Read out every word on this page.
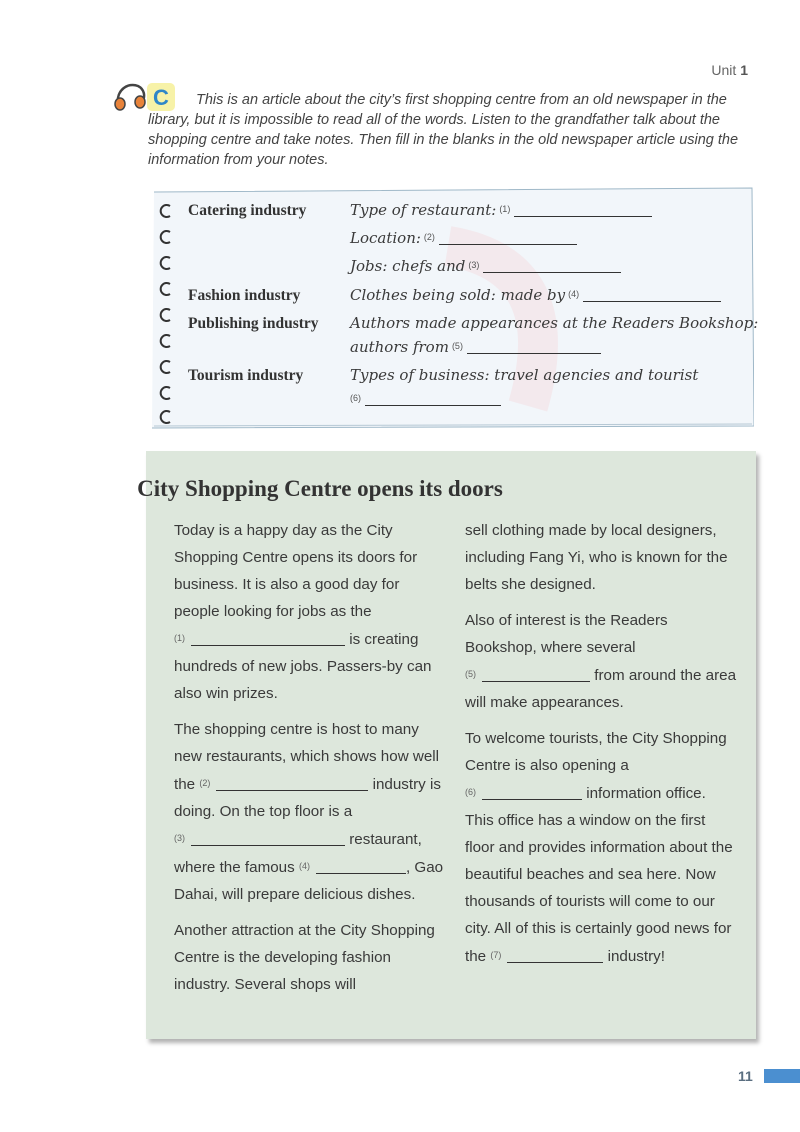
Unit 1
C	This is an article about the city’s first shopping centre from an old newspaper in the library, but it is impossible to read all of the words. Listen to the grandfather talk about the shopping centre and take notes. Then fill in the blanks in the old newspaper article using the information from your notes.
Catering industry	Type of restaurant: $^{(1)}$
Location: $^{(2)}$
Jobs: chefs and $^{(3)}$
Fashion industry	Clothes being sold: made by $^{(4)}$
Publishing industry Authors made appearances at the Readers Bookshop:
authors from $^{(5)}$
Tourism industry	Types of business: travel agencies and tourist
$^{(6)}$
City Shopping Centre opens its doors

Today is a happy day as the City Shopping Centre opens its doors for business. It is also a good day for people looking for jobs as the
(1)	is creating hundreds of new jobs. Passers-by can also win prizes.

The shopping centre is host to many new restaurants, which shows how well the (2)	industry is doing. On the top floor is a
(3)	restaurant, where the famous (4)	, Gao Dahai, will prepare delicious dishes.

Another attraction at the City Shopping Centre is the developing fashion industry. Several shops will

sell clothing made by local designers, including Fang Yi, who is known for the belts she designed.

Also of interest is the Readers Bookshop, where several
(5)	from around the area will make appearances.

To welcome tourists, the City Shopping Centre is also opening a
(6)	information office. This office has a window on the first floor and provides information about the beautiful beaches and sea here. Now thousands of tourists will come to our city. All of this is certainly good news for the (7)	industry!

11
